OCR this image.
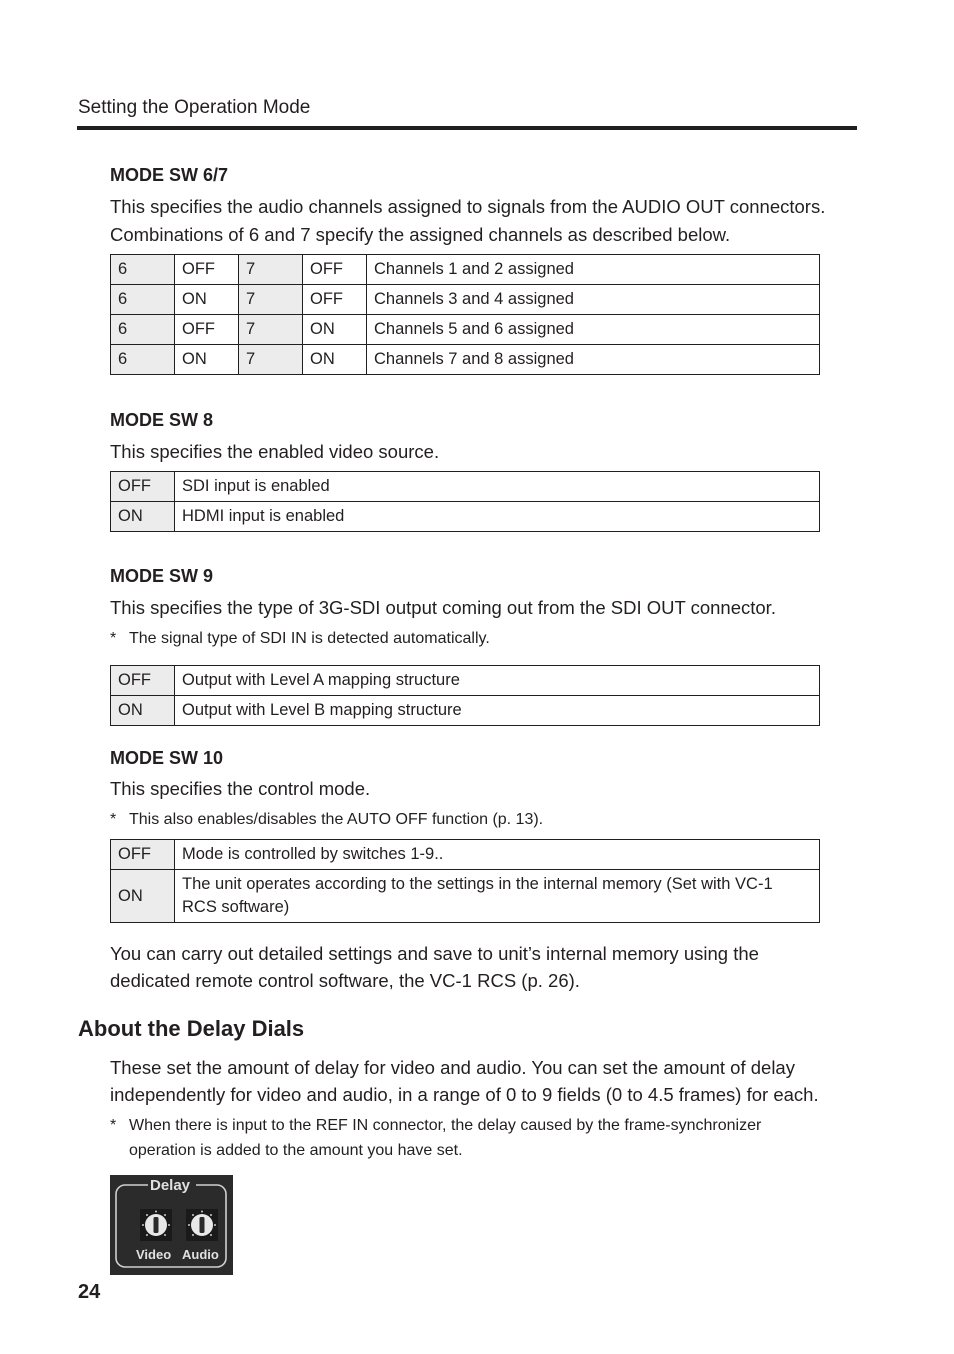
Setting the Operation Mode
MODE SW 6/7
This specifies the audio channels assigned to signals from the AUDIO OUT connectors.
Combinations of 6 and 7 specify the assigned channels as described below.
6	OFF	7	OFF	Channels 1 and 2 assigned
6	ON	7	OFF	Channels 3 and 4 assigned
6	OFF	7	ON	Channels 5 and 6 assigned
6	ON	7	ON	Channels 7 and 8 assigned
MODE SW 8
This specifies the enabled video source.
OFF	SDI input is enabled
ON	HDMI input is enabled
MODE SW 9
This specifies the type of 3G-SDI output coming out from the SDI OUT connector.
* The signal type of SDI IN is detected automatically.
OFF	Output with Level A mapping structure
ON	Output with Level B mapping structure
MODE SW 10
This specifies the control mode.
* This also enables/disables the AUTO OFF function (p. 13).
OFF	Mode is controlled by switches 1-9..
ON	The unit operates according to the settings in the internal memory (Set with VC-1 RCS software)
You can carry out detailed settings and save to unit’s internal memory using the
dedicated remote control software, the VC-1 RCS (p. 26).
About the Delay Dials
These set the amount of delay for video and audio. You can set the amount of delay
independently for video and audio, in a range of 0 to 9 fields (0 to 4.5 frames) for each.
* When there is input to the REF IN connector, the delay caused by the frame-synchronizer operation is added to the amount you have set.
Delay
Video Audio
24
